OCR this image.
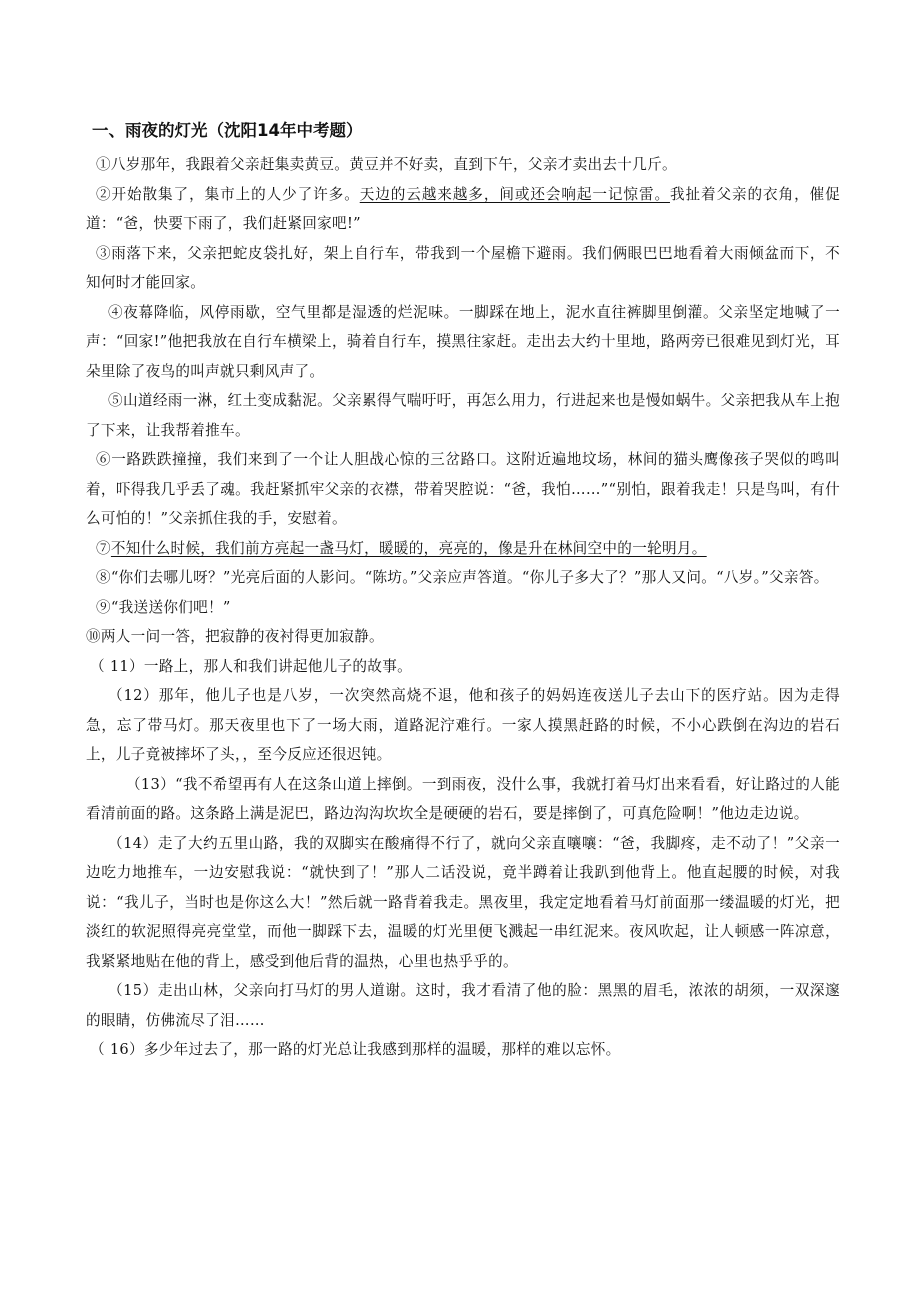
一、雨夜的灯光（沈阳14年中考题）

①八岁那年，我跟着父亲赶集卖黄豆。黄豆并不好卖，直到下午，父亲才卖出去十几斤。

②开始散集了，集市上的人少了许多。天边的云越来越多，间或还会响起一记惊雷。我扯着父亲的衣角，催促道：“爸，快要下雨了，我们赶紧回家吧!”

③雨落下来，父亲把蛇皮袋扎好，架上自行车，带我到一个屋檐下避雨。我们俩眼巴巴地看着大雨倾盆而下，不知何时才能回家。

④夜幕降临，风停雨歇，空气里都是湿透的烂泥味。一脚踩在地上，泥水直往裤脚里倒灌。父亲坚定地喊了一声：“回家!”他把我放在自行车横梁上，骑着自行车，摸黑往家赶。走出去大约十里地，路两旁已很难见到灯光，耳朵里除了夜鸟的叫声就只剩风声了。

⑤山道经雨一淋，红土变成黏泥。父亲累得气喘吁吁，再怎么用力，行进起来也是慢如蜗牛。父亲把我从车上抱了下来，让我帮着推车。

⑥一路跌跌撞撞，我们来到了一个让人胆战心惊的三岔路口。这附近遍地坟场，林间的猫头鹰像孩子哭似的鸣叫着，吓得我几乎丢了魂。我赶紧抓牢父亲的衣襟，带着哭腔说：“爸，我怕……”“别怕，跟着我走！只是鸟叫，有什么可怕的！”父亲抓住我的手，安慰着。

⑦不知什么时候，我们前方亮起一盏马灯，暖暖的，亮亮的，像是升在林间空中的一轮明月。

⑧“你们去哪儿呀？”光亮后面的人影问。“陈坊。”父亲应声答道。“你儿子多大了？”那人又问。“八岁。”父亲答。

⑨“我送送你们吧！”

⑩两人一问一答，把寂静的夜衬得更加寂静。

（ 11）一路上，那人和我们讲起他儿子的故事。

（12）那年，他儿子也是八岁，一次突然高烧不退，他和孩子的妈妈连夜送儿子去山下的医疗站。因为走得急，忘了带马灯。那天夜里也下了一场大雨，道路泥泞难行。一家人摸黑赶路的时候，不小心跌倒在沟边的岩石上，儿子竟被摔坏了头，，至今反应还很迟钝。

（13）“我不希望再有人在这条山道上摔倒。一到雨夜，没什么事，我就打着马灯出来看看，好让路过的人能看清前面的路。这条路上满是泥巴，路边沟沟坎坎全是硬硬的岩石，要是摔倒了，可真危险啊！”他边走边说。

（14）走了大约五里山路，我的双脚实在酸痛得不行了，就向父亲直嚷嚷：“爸，我脚疼，走不动了！”父亲一边吃力地推车，一边安慰我说：“就快到了！”那人二话没说，竟半蹲着让我趴到他背上。他直起腰的时候，对我说：“我儿子，当时也是你这么大！”然后就一路背着我走。黑夜里，我定定地看着马灯前面那一缕温暖的灯光，把淡红的软泥照得亮亮堂堂，而他一脚踩下去，温暖的灯光里便飞溅起一串红泥来。夜风吹起，让人顿感一阵凉意，我紧紧地贴在他的背上，感受到他后背的温热，心里也热乎乎的。

（15）走出山林，父亲向打马灯的男人道谢。这时，我才看清了他的脸：黑黑的眉毛，浓浓的胡须，一双深邃的眼睛，仿佛流尽了泪……

（ 16）多少年过去了，那一路的灯光总让我感到那样的温暖，那样的难以忘怀。
